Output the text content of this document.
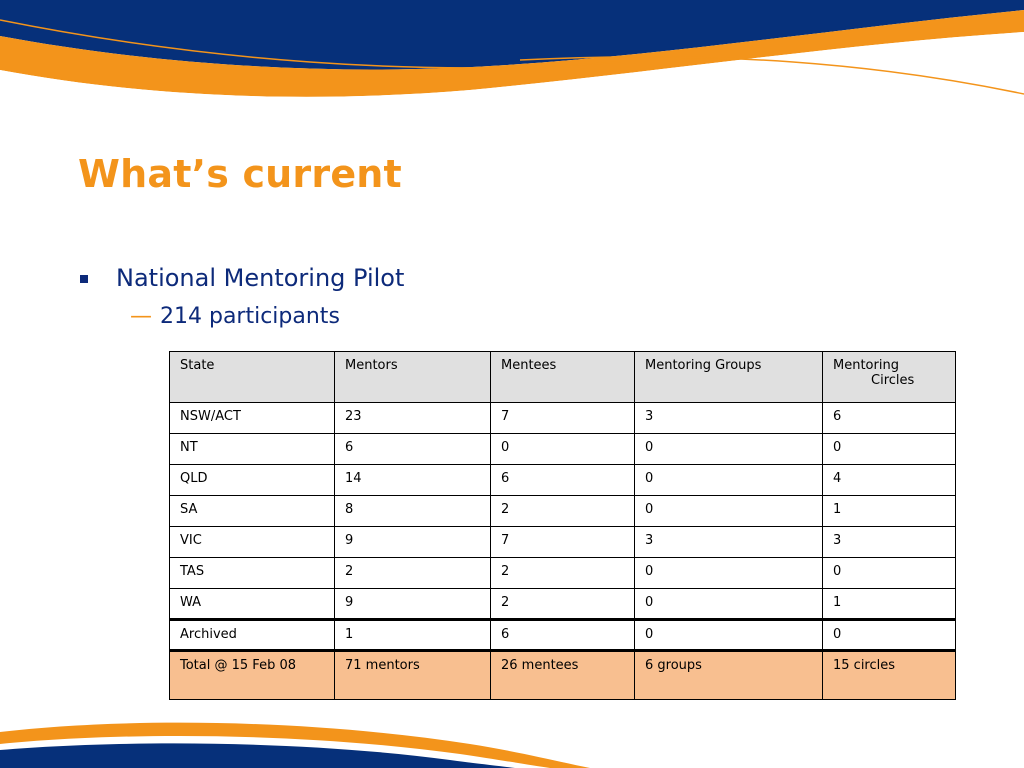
What’s current
National Mentoring Pilot
— 214 participants
State	Mentors	Mentees	Mentoring Groups	Mentoring
Circles

NSW/ACT	23	7	3	6
NT	6	0	0	0
QLD	14	6	0	4
SA	8	2	0	1
VIC	9	7	3	3
TAS	2	2	0	0
WA	9	2	0	1
Archived	1	6	0	0
Total @ 15 Feb 08	71 mentors	26 mentees	6 groups	15 circles
